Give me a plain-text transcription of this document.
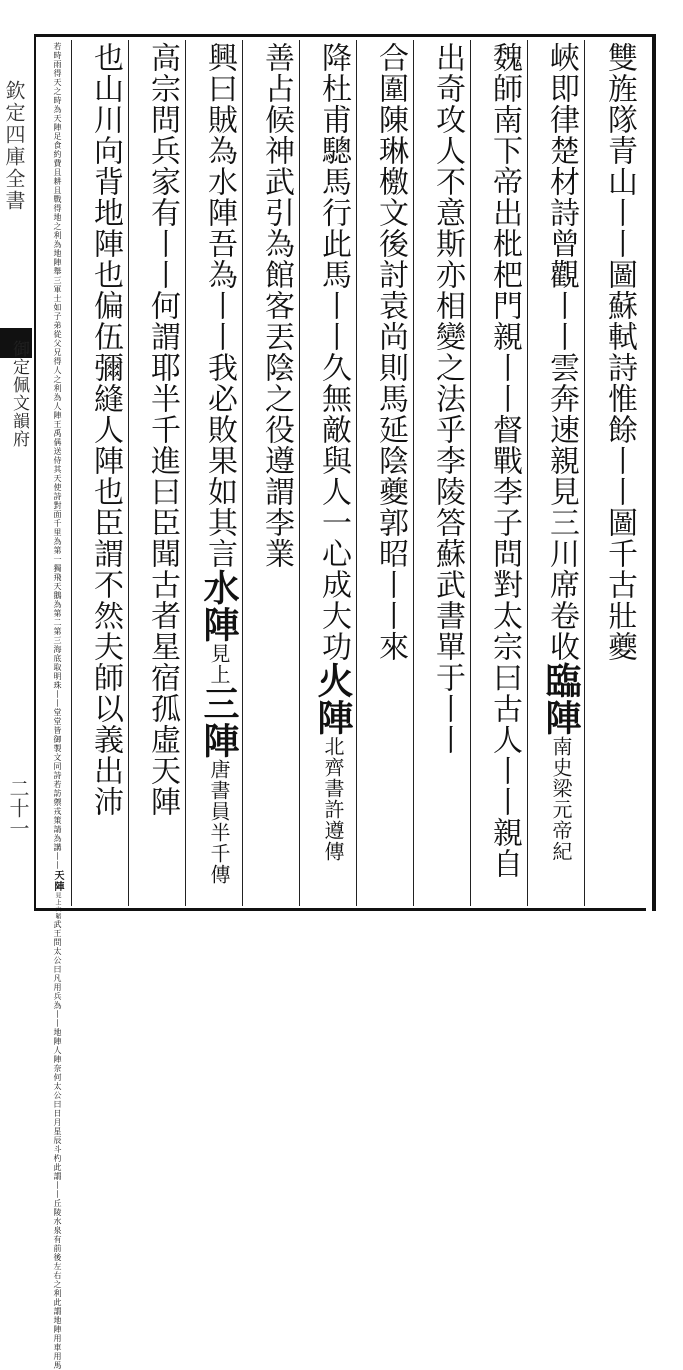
欽定四庫全書
御定佩文韻府
二十一
雙旌隊青山丨丨圖蘇軾詩惟餘丨丨圖千古壯夔
峽即律楚材詩曾觀丨丨雲奔速親見三川席卷收臨陣南史梁元帝紀
魏師南下帝出枇杷門親丨丨督戰李子問對太宗曰古人丨丨親自
出奇攻人不意斯亦相變之法乎李陵答蘇武書單于丨丨
合圍陳琳檄文後討袁尚則馬延陰夔郭昭丨丨來
降杜甫驄馬行此馬丨丨久無敵與人一心成大功火陣北齊書許遵傳
善占候神武引為館客丟陰之役遵謂李業
興曰賊為水陣吾為丨丨我必敗果如其言水陣見上三陣唐書員半千傳
高宗問兵家有丨丨何謂耶半千進曰臣聞古者星宿孤虛天陣
也山川向背地陣也偏伍彌縫人陣也臣謂不然夫師以義出沛
若時雨得天之時為天陣足食約費且耕且戰得地之利為地陣舉三軍士如子弟從父兄得人之利為人陣王禹偁送侍其天使詩對面千里為第一獨飛天鵝為第二第三海底取明珠丨丨堂堂皆御製文同詩若訪禦戎策請為講丨丨天陣見上六韜武王問太公曰凡用兵為丨丨地陣人陣奈何太公曰日月星辰斗杓此謂丨丨丘陵水泉有前後左右之利此謂地陣用車用馬
